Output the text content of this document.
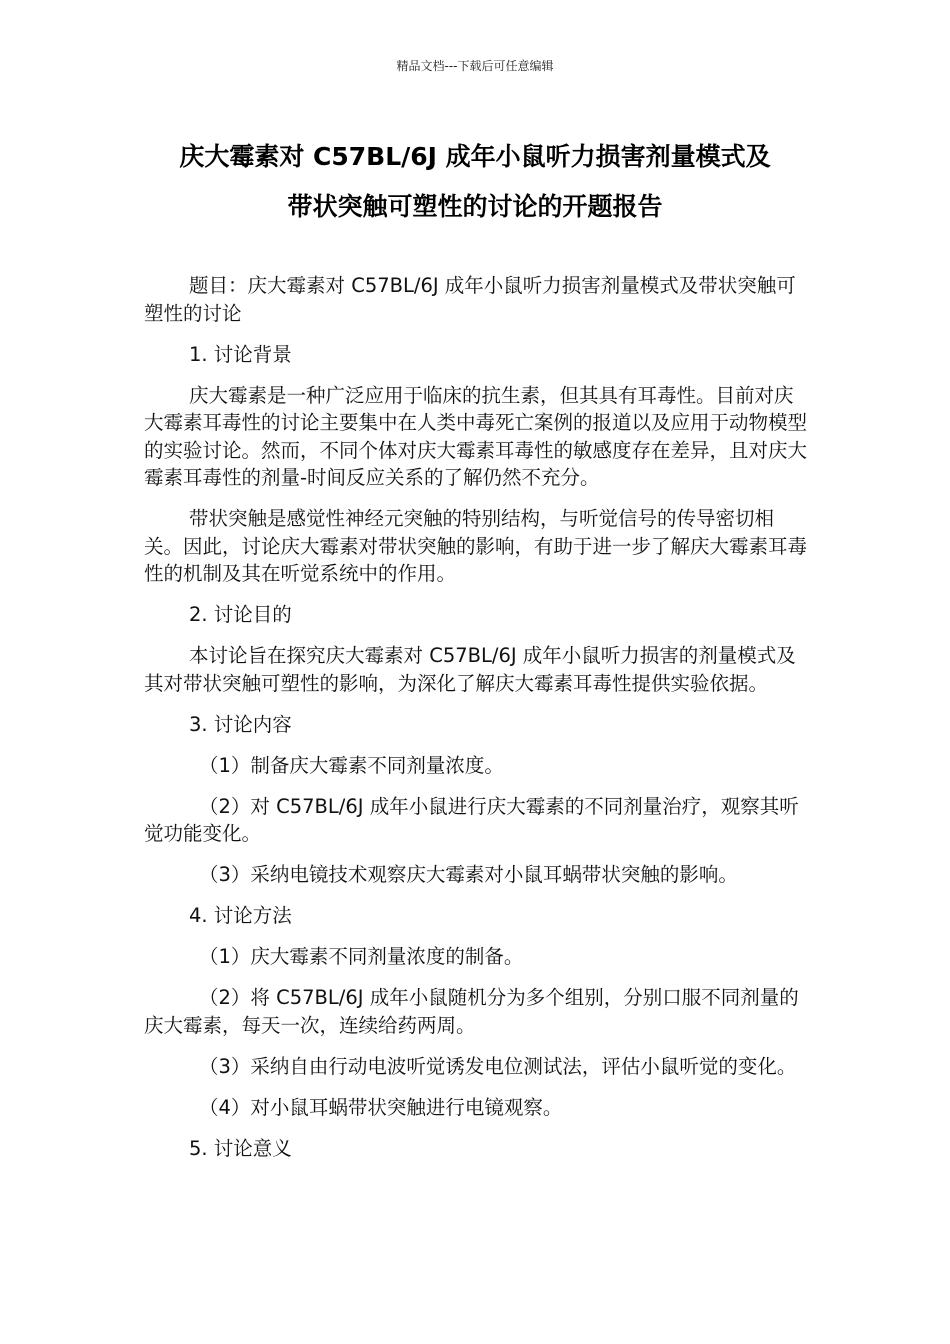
精品文档---下载后可任意编辑
庆大霉素对 C57BL/6J 成年小鼠听力损害剂量模式及
带状突触可塑性的讨论的开题报告

题目：庆大霉素对 C57BL/6J 成年小鼠听力损害剂量模式及带状突触可塑性的讨论

1. 讨论背景

庆大霉素是一种广泛应用于临床的抗生素，但其具有耳毒性。目前对庆大霉素耳毒性的讨论主要集中在人类中毒死亡案例的报道以及应用于动物模型的实验讨论。然而，不同个体对庆大霉素耳毒性的敏感度存在差异，且对庆大霉素耳毒性的剂量-时间反应关系的了解仍然不充分。

带状突触是感觉性神经元突触的特别结构，与听觉信号的传导密切相关。因此，讨论庆大霉素对带状突触的影响，有助于进一步了解庆大霉素耳毒性的机制及其在听觉系统中的作用。

2. 讨论目的

本讨论旨在探究庆大霉素对 C57BL/6J 成年小鼠听力损害的剂量模式及其对带状突触可塑性的影响，为深化了解庆大霉素耳毒性提供实验依据。

3. 讨论内容

（1）制备庆大霉素不同剂量浓度。

（2）对 C57BL/6J 成年小鼠进行庆大霉素的不同剂量治疗，观察其听觉功能变化。

（3）采纳电镜技术观察庆大霉素对小鼠耳蜗带状突触的影响。

4. 讨论方法

（1）庆大霉素不同剂量浓度的制备。

（2）将 C57BL/6J 成年小鼠随机分为多个组别，分别口服不同剂量的庆大霉素，每天一次，连续给药两周。

（3）采纳自由行动电波听觉诱发电位测试法，评估小鼠听觉的变化。

（4）对小鼠耳蜗带状突触进行电镜观察。

5. 讨论意义
